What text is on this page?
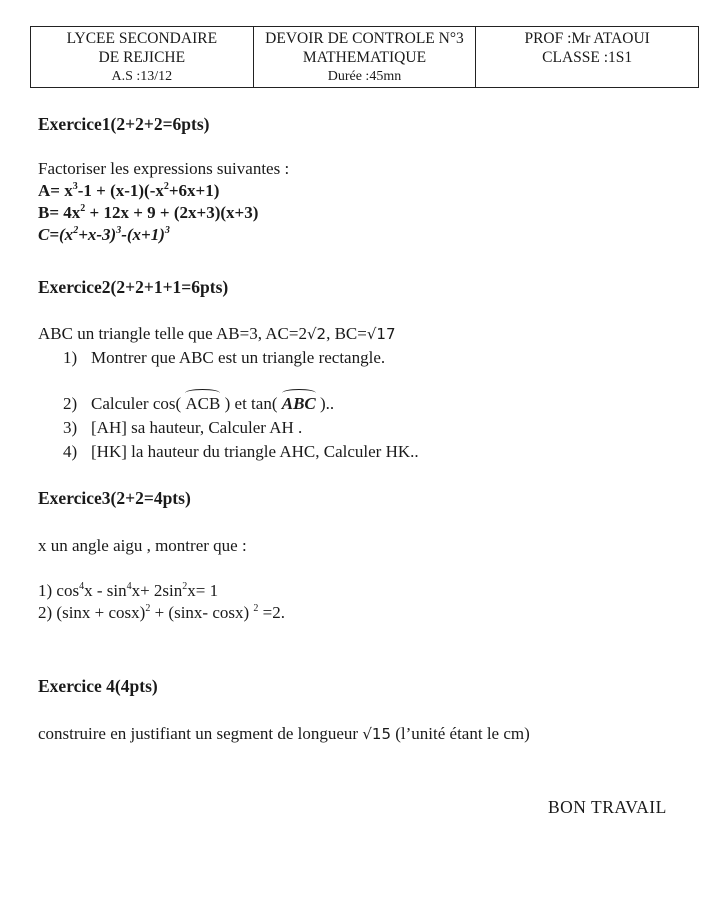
LYCEE SECONDAIRE
DE REJICHE
A.S :13/12

DEVOIR DE CONTROLE N°3
MATHEMATIQUE
Durée :45mn

PROF :Mr ATAOUI
CLASSE :1S1
Exercice1(2+2+2=6pts)
Factoriser les expressions suivantes :
$A= x^3-1 + (x-1)(-x^2+6x+1)$
$B= 4x^2 + 12x + 9 + (2x+3)(x+3)$
$C=(x^2+x-3)^3-(x+1)^3$
Exercice2(2+2+1+1=6pts)
ABC un triangle telle que AB=3, AC=2√2, BC=√17
1) Montrer que ABC est un triangle rectangle.
2) Calculer cos( ACB ) et tan( ABC )..
3) [AH] sa hauteur, Calculer AH .
4) [HK] la hauteur du triangle AHC, Calculer HK..
Exercice3(2+2=4pts)
x un angle aigu , montrer que :
1) $\cos^4x - \sin^4x+ 2\sin^2x= 1$
2) $(\sin x + \cos x)^2 + (\sin x-$ cosx) $^2$ =2.
Exercice 4(4pts)
construire en justifiant un segment de longueur √15 (l’unité étant le cm)
BON TRAVAIL
